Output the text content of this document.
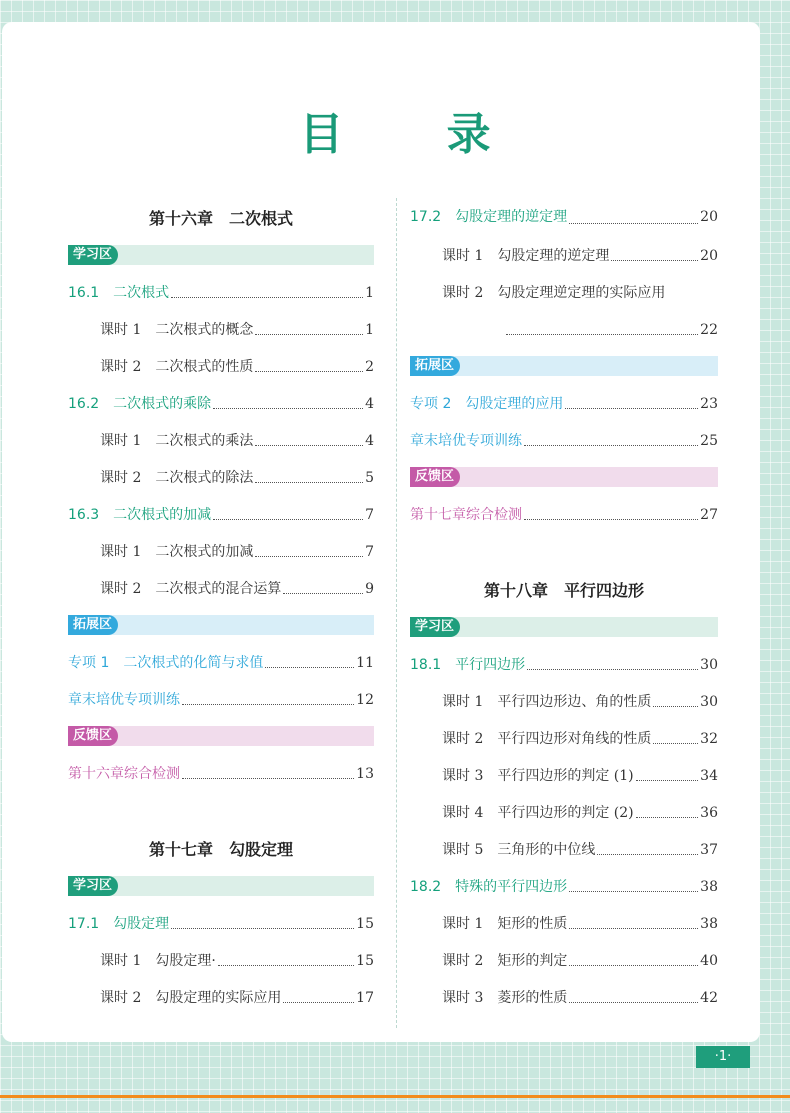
目 录
第十六章　二次根式
学习区
16.1 二次根式	1
课时 1 二次根式的概念	1
课时 2 二次根式的性质	2
16.2 二次根式的乘除	4
课时 1 二次根式的乘法	4
课时 2 二次根式的除法	5
16.3 二次根式的加减	7
课时 1 二次根式的加减	7
课时 2 二次根式的混合运算	9
拓展区
专项 1　二次根式的化简与求值	11
章末培优专项训练	12
反馈区
第十六章综合检测	13
第十七章　勾股定理
学习区
17.1 勾股定理	15
课时 1 勾股定理·	15
课时 2 勾股定理的实际应用	17
17.2 勾股定理的逆定理	20
课时 1 勾股定理的逆定理	20
课时 2 勾股定理逆定理的实际应用
22
拓展区
专项 2　勾股定理的应用	23
章末培优专项训练	25
反馈区
第十七章综合检测	27
第十八章　平行四边形
学习区
18.1 平行四边形	30
课时 1 平行四边形边、角的性质	30
课时 2 平行四边形对角线的性质	32
课时 3 平行四边形的判定 (1)	34
课时 4 平行四边形的判定 (2)	36
课时 5 三角形的中位线	37
18.2 特殊的平行四边形	38
课时 1 矩形的性质	38
课时 2 矩形的判定	40
课时 3 菱形的性质	42
·1·
